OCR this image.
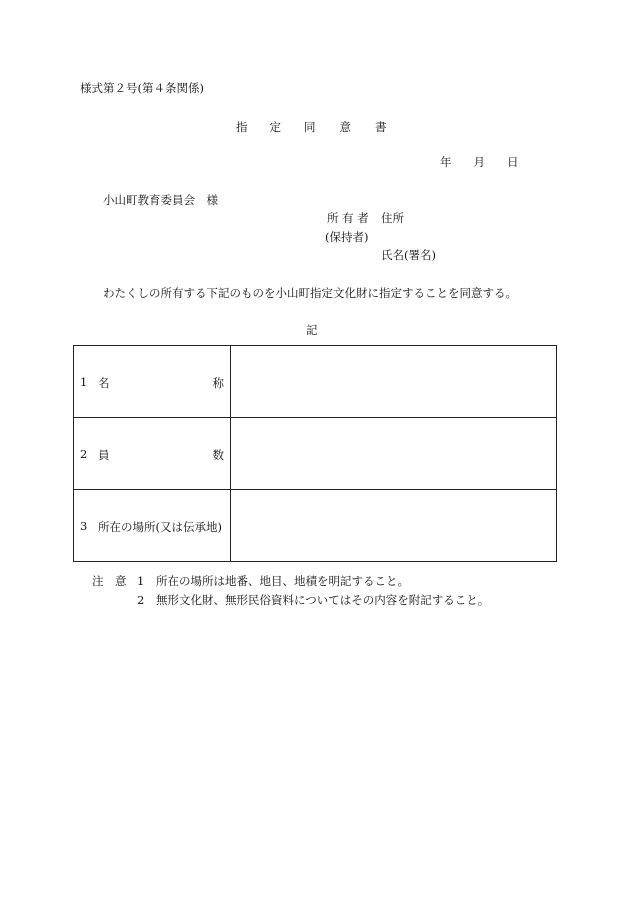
様式第２号(第４条関係)
指 定 同 意 書
年 月 日
小山町教育委員会　様
所 有 者 住所
(保持者)
氏名(署名)
わたくしの所有する下記のものを小山町指定文化財に指定することを同意する。
記
1 名	称
2 員	数
3 所在の場所(又は伝承地)
注　意 1 所在の場所は地番、地目、地積を明記すること。
2 無形文化財、無形民俗資料についてはその内容を附記すること。
